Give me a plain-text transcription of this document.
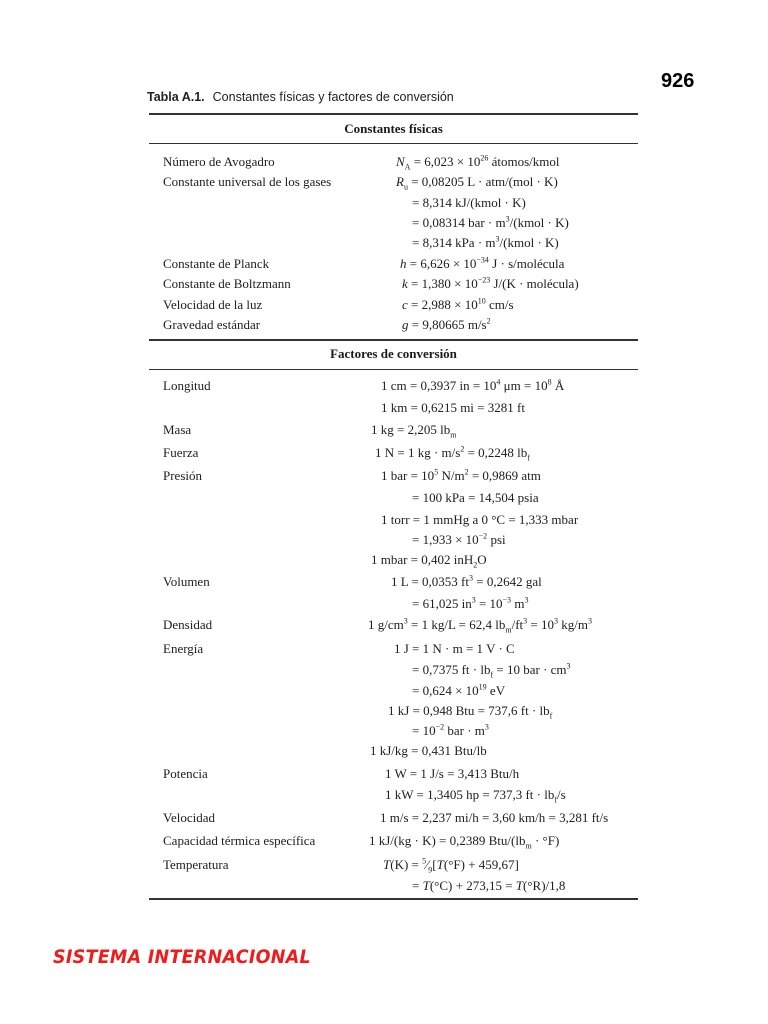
926
Tabla A.1. Constantes físicas y factores de conversión
Constantes físicas
Número de Avogadro	$N_A = 6,023 \times 10^{26}$ átomos/kmol
Constante universal de los gases	$R_u = 0,08205$ L · atm/(mol · K)
= 8,314 kJ/(kmol · K)
= 0,08314 bar · $m^3/(kmol \cdot K)$
= 8,314 kPa · $m^3/(kmol \cdot K)$
Constante de Planck	$h = 6,626 \times 10^{-34}$ J · s/molécula
Constante de Boltzmann	$k = 1,380 \times 10^{-23}$ J/(K · molécula)
Velocidad de la luz	$c = 2,988 \times 10^{10}$ cm/s
Gravedad estándar	g = 9,80665 $m/s^2$
Factores de conversión
Longitud	1 cm = 0,3937 in = $10^4$ $\mu m = 10^8$ Å
1 km = 0,6215 mi = 3281 ft
Masa	1 kg = 2,205 $lb_m$
Fuerza	1 N = 1 kg · $m/s^2 = 0,2248$ $lb_f$
Presión	1 bar = $10^5$ $N/m^2 = 0,9869$ atm
= 100 kPa = 14,504 psia
1 torr = 1 mmHg a 0 °C = 1,333 mbar
= $1,933 \times 10^{-2}$ psi
1 mbar = 0,402 inH$_2$O
Volumen	1 L = 0,0353 $ft^3 = 0,2642$ gal
= 61,025 $in^3 = 10^{-3}$ $m^3$
Densidad	1 $g/cm^3 = 1$ kg/L = 62,4 $lb_m/ft^3 = 10^3$ $kg/m^3$
Energía	1 J = 1 N · m = 1 V · C
= 0,7375 ft · $lb_f = 10$ bar · $cm^3$
= $0,624 \times 10^{19}$ eV
1 kJ = 0,948 Btu = 737,6 ft · $lb_f$
= $10^{-2}$ bar · $m^3$
1 kJ/kg = 0,431 Btu/lb
Potencia	1 W = 1 J/s = 3,413 Btu/h
1 kW = 1,3405 hp = 737,3 ft · $lb_f/s$
Velocidad	1 m/s = 2,237 mi/h = 3,60 km/h = 3,281 ft/s
Capacidad térmica específica	1 kJ/(kg · K) = 0,2389 Btu/$(lb_m \cdot ^\circ F)$
Temperatura	$T(K) = ^5⁄_9[T(^\circ F) + 459,67]$
= T(°C) + 273,15 = T(°R)/1,8
SISTEMA INTERNACIONAL
